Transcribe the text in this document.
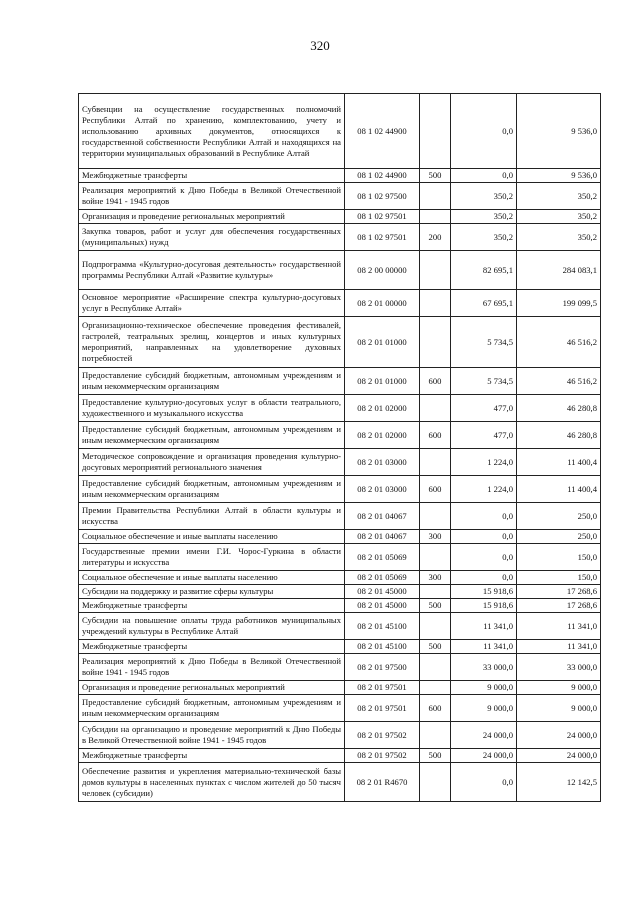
320
Субвенции на осуществление государственных полномочий Республики Алтай по хранению, комплектованию, учету и использованию архивных документов, относящихся к государственной собственности Республики Алтай и находящихся на территории муниципальных образований в Республике Алтай	08 1 02 44900		0,0	9 536,0
Межбюджетные трансферты	08 1 02 44900	500	0,0	9 536,0
Реализация мероприятий к Дню Победы в Великой Отечественной войне 1941 - 1945 годов	08 1 02 97500		350,2	350,2
Организация и проведение региональных мероприятий	08 1 02 97501		350,2	350,2
Закупка товаров, работ и услуг для обеспечения государственных (муниципальных) нужд	08 1 02 97501	200	350,2	350,2
Подпрограмма «Культурно-досуговая деятельность» государственной программы Республики Алтай «Развитие культуры»	08 2 00 00000		82 695,1	284 083,1
Основное мероприятие «Расширение спектра культурно-досуговых услуг в Республике Алтай»	08 2 01 00000		67 695,1	199 099,5
Организационно-техническое обеспечение проведения фестивалей, гастролей, театральных зрелищ, концертов и иных культурных мероприятий, направленных на удовлетворение духовных потребностей	08 2 01 01000		5 734,5	46 516,2
Предоставление субсидий бюджетным, автономным учреждениям и иным некоммерческим организациям	08 2 01 01000	600	5 734,5	46 516,2
Предоставление культурно-досуговых услуг в области театрального, художественного и музыкального искусства	08 2 01 02000		477,0	46 280,8
Предоставление субсидий бюджетным, автономным учреждениям и иным некоммерческим организациям	08 2 01 02000	600	477,0	46 280,8
Методическое сопровождение и организация проведения культурно-досуговых мероприятий регионального значения	08 2 01 03000		1 224,0	11 400,4
Предоставление субсидий бюджетным, автономным учреждениям и иным некоммерческим организациям	08 2 01 03000	600	1 224,0	11 400,4
Премии Правительства Республики Алтай в области культуры и искусства	08 2 01 04067		0,0	250,0
Социальное обеспечение и иные выплаты населению	08 2 01 04067	300	0,0	250,0
Государственные премии имени Г.И. Чорос-Гуркина в области литературы и искусства	08 2 01 05069		0,0	150,0
Социальное обеспечение и иные выплаты населению	08 2 01 05069	300	0,0	150,0
Субсидии на поддержку и развитие сферы культуры	08 2 01 45000		15 918,6	17 268,6
Межбюджетные трансферты	08 2 01 45000	500	15 918,6	17 268,6
Субсидии на повышение оплаты труда работников муниципальных учреждений культуры в Республике Алтай	08 2 01 45100		11 341,0	11 341,0
Межбюджетные трансферты	08 2 01 45100	500	11 341,0	11 341,0
Реализация мероприятий к Дню Победы в Великой Отечественной войне 1941 - 1945 годов	08 2 01 97500		33 000,0	33 000,0
Организация и проведение региональных мероприятий	08 2 01 97501		9 000,0	9 000,0
Предоставление субсидий бюджетным, автономным учреждениям и иным некоммерческим организациям	08 2 01 97501	600	9 000,0	9 000,0
Субсидии на организацию и проведение мероприятий к Дню Победы в Великой Отечественной войне 1941 - 1945 годов	08 2 01 97502		24 000,0	24 000,0
Межбюджетные трансферты	08 2 01 97502	500	24 000,0	24 000,0
Обеспечение развития и укрепления материально-технической базы домов культуры в населенных пунктах с числом жителей до 50 тысяч человек (субсидии)	08 2 01 R4670		0,0	12 142,5
